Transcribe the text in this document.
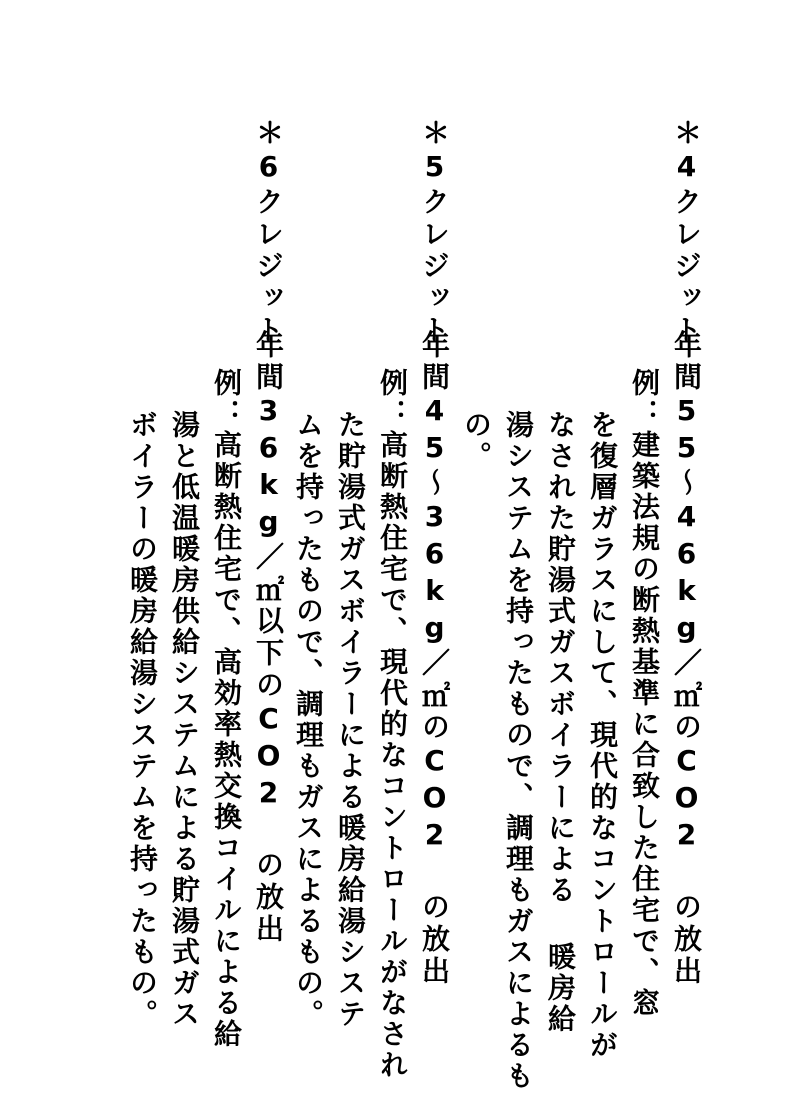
＊4クレジット
年間55～46kg／㎡のCO2 の放出
例：建築法規の断熱基準に合致した住宅で、窓
を復層ガラスにして、現代的なコントロールが
なされた貯湯式ガスボイラーによる 暖房給
湯システムを持ったもので、調理もガスによるも
の。
＊5クレジット
年間45～36kg／㎡のCO2 の放出
例：高断熱住宅で、現代的なコントロールがなされ
た貯湯式ガスボイラーによる暖房給湯システ
ムを持ったもので、調理もガスによるもの。
＊6クレジット
年間36kg／㎡以下のCO2 の放出
例：高断熱住宅で、高効率熱交換コイルによる給
湯と低温暖房供給システムによる貯湯式ガス
ボイラーの暖房給湯システムを持ったもの。
